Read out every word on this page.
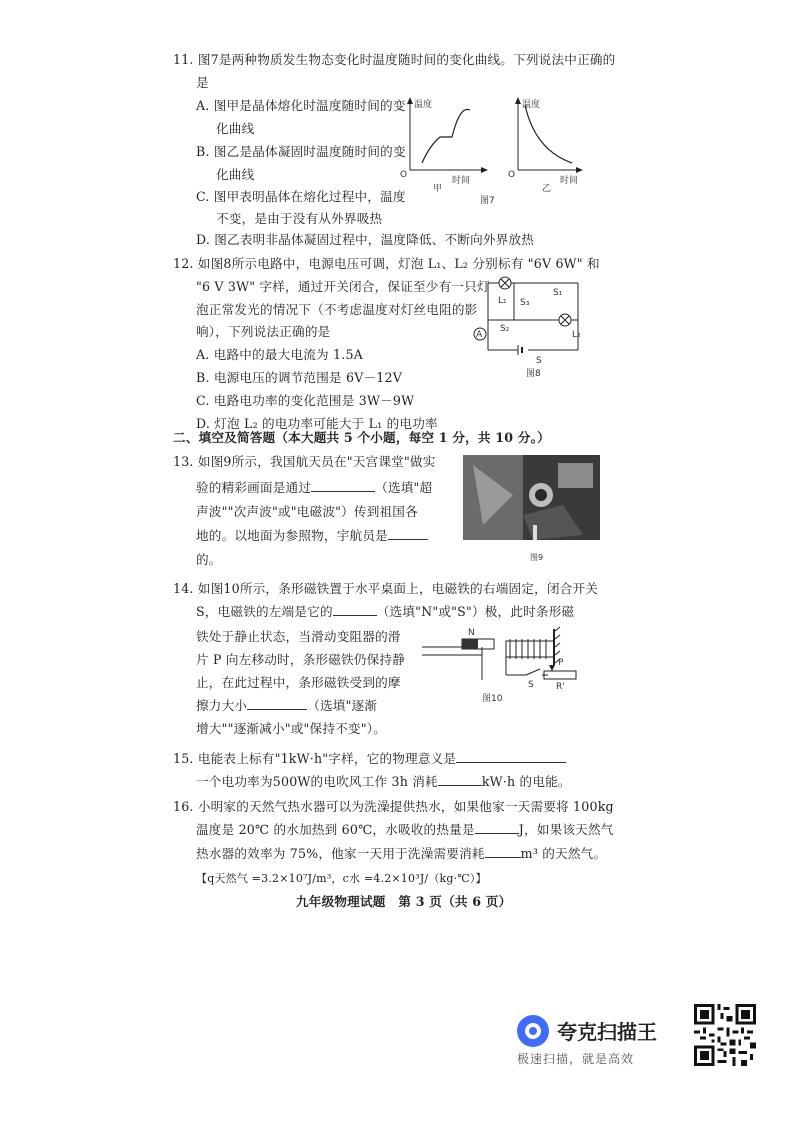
11. 图7是两种物质发生物态变化时温度随时间的变化曲线。下列说法中正确的
是
A. 图甲是晶体熔化时温度随时间的变
化曲线
B. 图乙是晶体凝固时温度随时间的变
化曲线
C. 图甲表明晶体在熔化过程中，温度
不变，是由于没有从外界吸热
D. 图乙表明非晶体凝固过程中，温度降低、不断向外界放热
温度
时间
O
甲
温度
时间
O
乙
图7
12. 如图8所示电路中，电源电压可调，灯泡 L₁、L₂ 分别标有 "6V 6W" 和
"6 V 3W" 字样，通过开关闭合，保证至少有一只灯
泡正常发光的情况下（不考虑温度对灯丝电阻的影
响），下列说法正确的是
A. 电路中的最大电流为 1.5A
B. 电源电压的调节范围是 6V－12V
C. 电路电功率的变化范围是 3W－9W
D. 灯泡 L₂ 的电功率可能大于 L₁ 的电功率
A
L₁
L₂
S₃
S₁
S₂
S
图8
二、填空及简答题（本大题共 5 个小题，每空 1 分，共 10 分。）
13. 如图9所示，我国航天员在"天宫课堂"做实
验的精彩画面是通过	（选填"超
声波""次声波"或"电磁波"）传到祖国各
地的。以地面为参照物，宇航员是
的。	图9
14. 如图10所示，条形磁铁置于水平桌面上，电磁铁的右端固定，闭合开关
S，电磁铁的左端是它的	（选填"N"或"S"）极，此时条形磁
铁处于静止状态，当滑动变阻器的滑
片 P 向左移动时，条形磁铁仍保持静
止，在此过程中，条形磁铁受到的摩
擦力大小	（选填"逐渐
增大""逐渐减小"或"保持不变"）。
N
S
P
R'
图10
15. 电能表上标有"1kW·h"字样，它的物理意义是
一个电功率为500W的电吹风工作 3h 消耗	kW·h 的电能。
16. 小明家的天然气热水器可以为洗澡提供热水，如果他家一天需要将 100kg
温度是 20℃ 的水加热到 60℃，水吸收的热量是	J，如果该天然气
热水器的效率为 75%，他家一天用于洗澡需要消耗	m³ 的天然气。
【q天然气 =3.2×10⁷J/m³，c水 =4.2×10³J/（kg·℃）】
九年级物理试题　第 3 页（共 6 页）
夸克扫描王
极速扫描，就是高效
